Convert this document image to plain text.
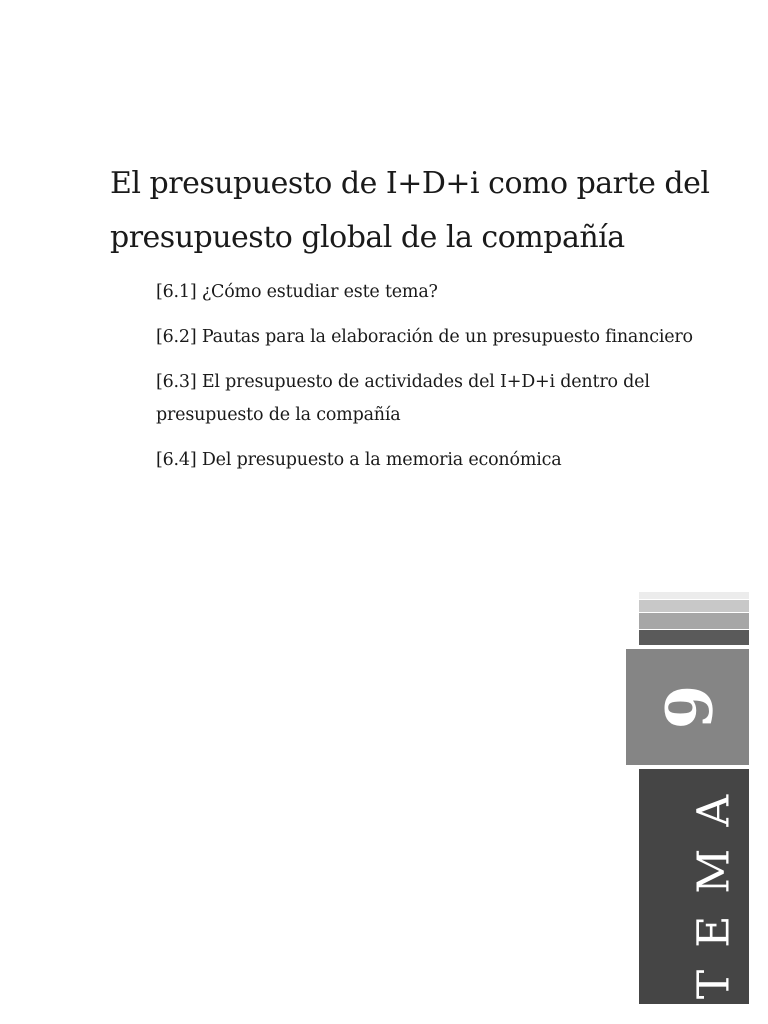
El presupuesto de I+D+i como parte del presupuesto global de la compañía
[6.1] ¿Cómo estudiar este tema?
[6.2] Pautas para la elaboración de un presupuesto financiero
[6.3] El presupuesto de actividades del I+D+i dentro del presupuesto de la compañía
[6.4] Del presupuesto a la memoria económica
6
TEMA
